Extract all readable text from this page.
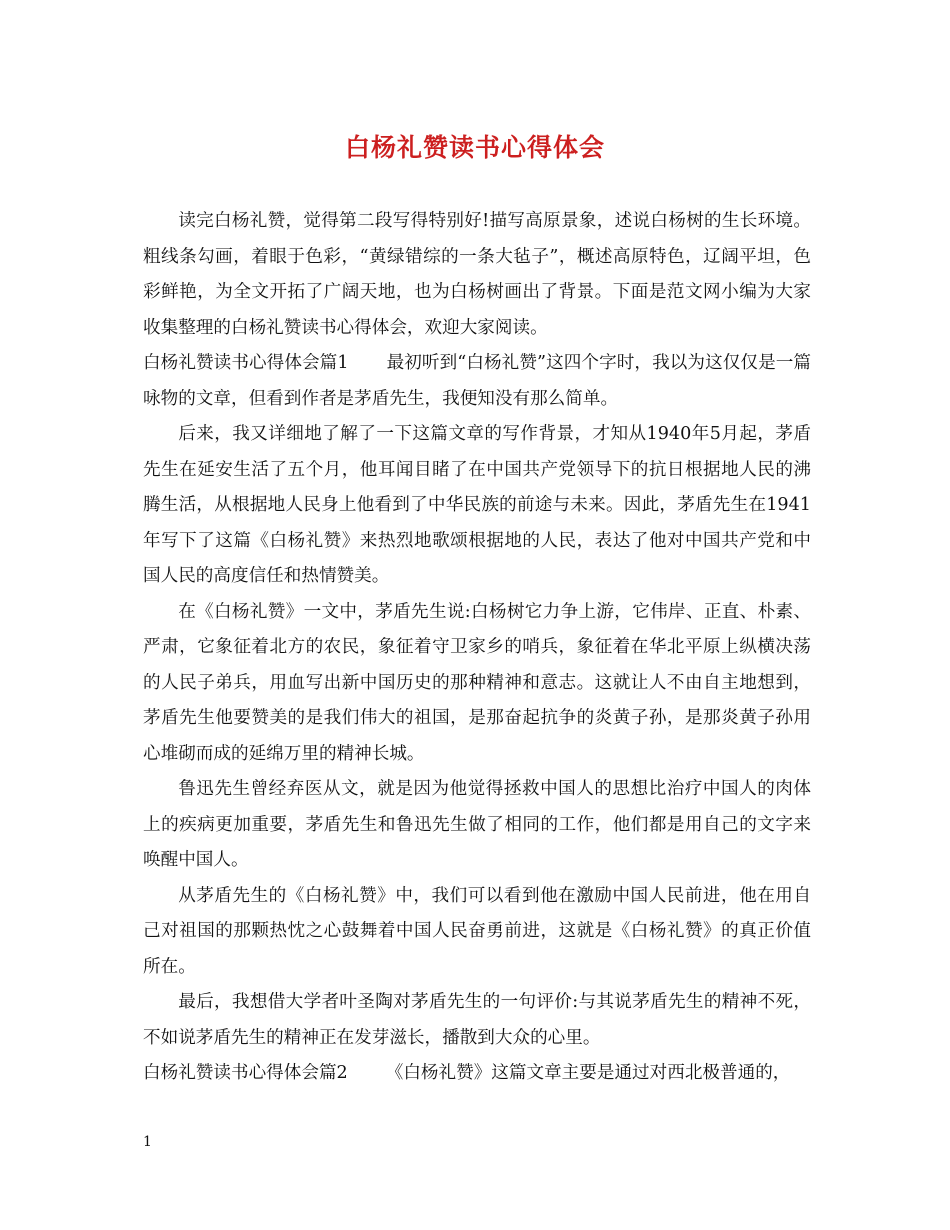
白杨礼赞读书心得体会

读完白杨礼赞，觉得第二段写得特别好!描写高原景象，述说白杨树的生长环境。粗线条勾画，着眼于色彩，“黄绿错综的一条大毡子”，概述高原特色，辽阔平坦，色彩鲜艳，为全文开拓了广阔天地，也为白杨树画出了背景。下面是范文网小编为大家收集整理的白杨礼赞读书心得体会，欢迎大家阅读。

白杨礼赞读书心得体会篇1 最初听到“白杨礼赞”这四个字时，我以为这仅仅是一篇咏物的文章，但看到作者是茅盾先生，我便知没有那么简单。

后来，我又详细地了解了一下这篇文章的写作背景，才知从1940年5月起，茅盾先生在延安生活了五个月，他耳闻目睹了在中国共产党领导下的抗日根据地人民的沸腾生活，从根据地人民身上他看到了中华民族的前途与未来。因此，茅盾先生在1941年写下了这篇《白杨礼赞》来热烈地歌颂根据地的人民，表达了他对中国共产党和中国人民的高度信任和热情赞美。

在《白杨礼赞》一文中，茅盾先生说:白杨树它力争上游，它伟岸、正直、朴素、严肃，它象征着北方的农民，象征着守卫家乡的哨兵，象征着在华北平原上纵横决荡的人民子弟兵，用血写出新中国历史的那种精神和意志。这就让人不由自主地想到，茅盾先生他要赞美的是我们伟大的祖国，是那奋起抗争的炎黄子孙，是那炎黄子孙用心堆砌而成的延绵万里的精神长城。

鲁迅先生曾经弃医从文，就是因为他觉得拯救中国人的思想比治疗中国人的肉体上的疾病更加重要，茅盾先生和鲁迅先生做了相同的工作，他们都是用自己的文字来唤醒中国人。

从茅盾先生的《白杨礼赞》中，我们可以看到他在激励中国人民前进，他在用自己对祖国的那颗热忱之心鼓舞着中国人民奋勇前进，这就是《白杨礼赞》的真正价值所在。

最后，我想借大学者叶圣陶对茅盾先生的一句评价:与其说茅盾先生的精神不死，不如说茅盾先生的精神正在发芽滋长，播散到大众的心里。

白杨礼赞读书心得体会篇2 《白杨礼赞》这篇文章主要是通过对西北极普通的，

1
